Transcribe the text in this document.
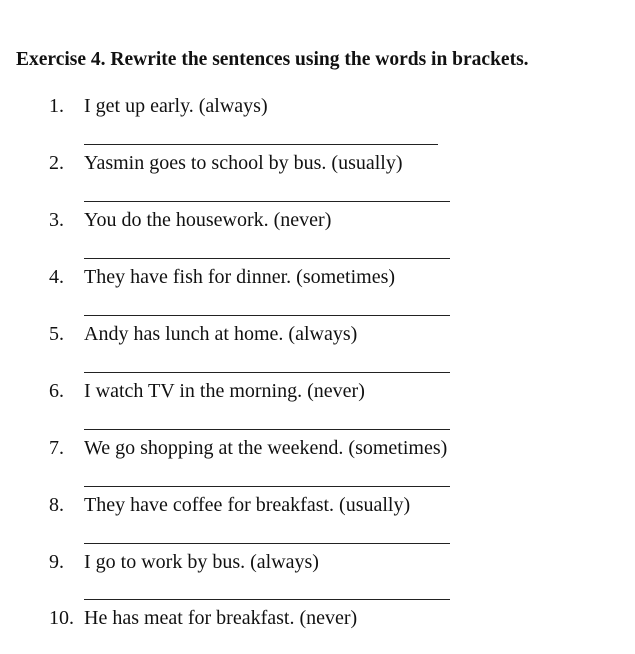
Exercise 4. Rewrite the sentences using the words in brackets.
1. I get up early. (always)
2. Yasmin goes to school by bus. (usually)
3. You do the housework. (never)
4. They have fish for dinner. (sometimes)
5. Andy has lunch at home. (always)
6. I watch TV in the morning. (never)
7. We go shopping at the weekend. (sometimes)
8. They have coffee for breakfast. (usually)
9. I go to work by bus. (always)
10. He has meat for breakfast. (never)
